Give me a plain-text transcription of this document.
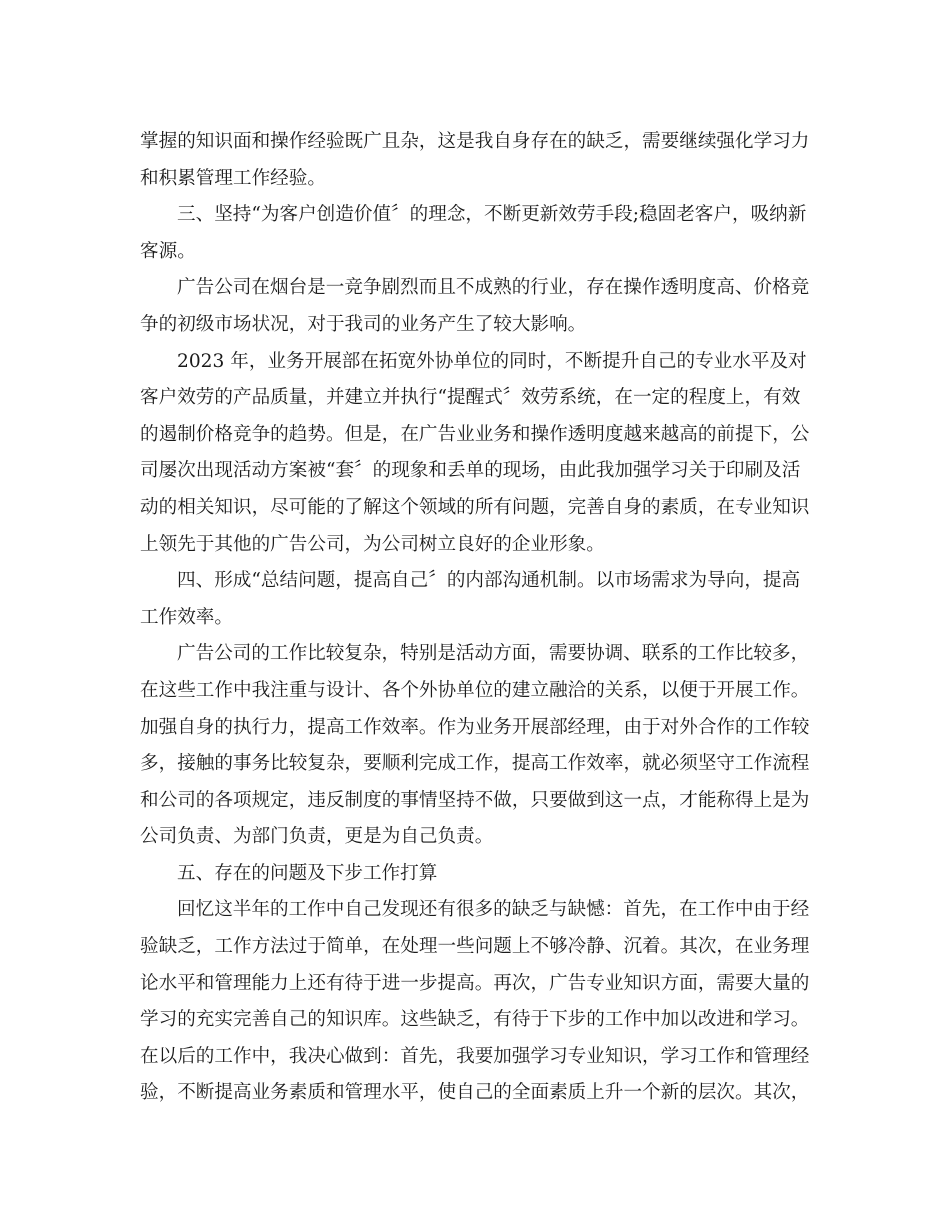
掌握的知识面和操作经验既广且杂，这是我自身存在的缺乏，需要继续强化学习力
和积累管理工作经验。

三、坚持“为客户创造价值〞的理念，不断更新效劳手段;稳固老客户，吸纳新
客源。

广告公司在烟台是一竞争剧烈而且不成熟的行业，存在操作透明度高、价格竞
争的初级市场状况，对于我司的业务产生了较大影响。

2023 年，业务开展部在拓宽外协单位的同时，不断提升自己的专业水平及对
客户效劳的产品质量，并建立并执行“提醒式〞效劳系统，在一定的程度上，有效
的遏制价格竞争的趋势。但是，在广告业业务和操作透明度越来越高的前提下，公
司屡次出现活动方案被“套〞的现象和丢单的现场，由此我加强学习关于印刷及活
动的相关知识，尽可能的了解这个领域的所有问题，完善自身的素质，在专业知识
上领先于其他的广告公司，为公司树立良好的企业形象。

四、形成“总结问题，提高自己〞的内部沟通机制。以市场需求为导向，提高
工作效率。

广告公司的工作比较复杂，特别是活动方面，需要协调、联系的工作比较多，
在这些工作中我注重与设计、各个外协单位的建立融洽的关系，以便于开展工作。
加强自身的执行力，提高工作效率。作为业务开展部经理，由于对外合作的工作较
多，接触的事务比较复杂，要顺利完成工作，提高工作效率，就必须坚守工作流程
和公司的各项规定，违反制度的事情坚持不做，只要做到这一点，才能称得上是为
公司负责、为部门负责，更是为自己负责。

五、存在的问题及下步工作打算

回忆这半年的工作中自己发现还有很多的缺乏与缺憾：首先，在工作中由于经
验缺乏，工作方法过于简单，在处理一些问题上不够冷静、沉着。其次，在业务理
论水平和管理能力上还有待于进一步提高。再次，广告专业知识方面，需要大量的
学习的充实完善自己的知识库。这些缺乏，有待于下步的工作中加以改进和学习。
在以后的工作中，我决心做到：首先，我要加强学习专业知识，学习工作和管理经
验，不断提高业务素质和管理水平，使自己的全面素质上升一个新的层次。其次，
